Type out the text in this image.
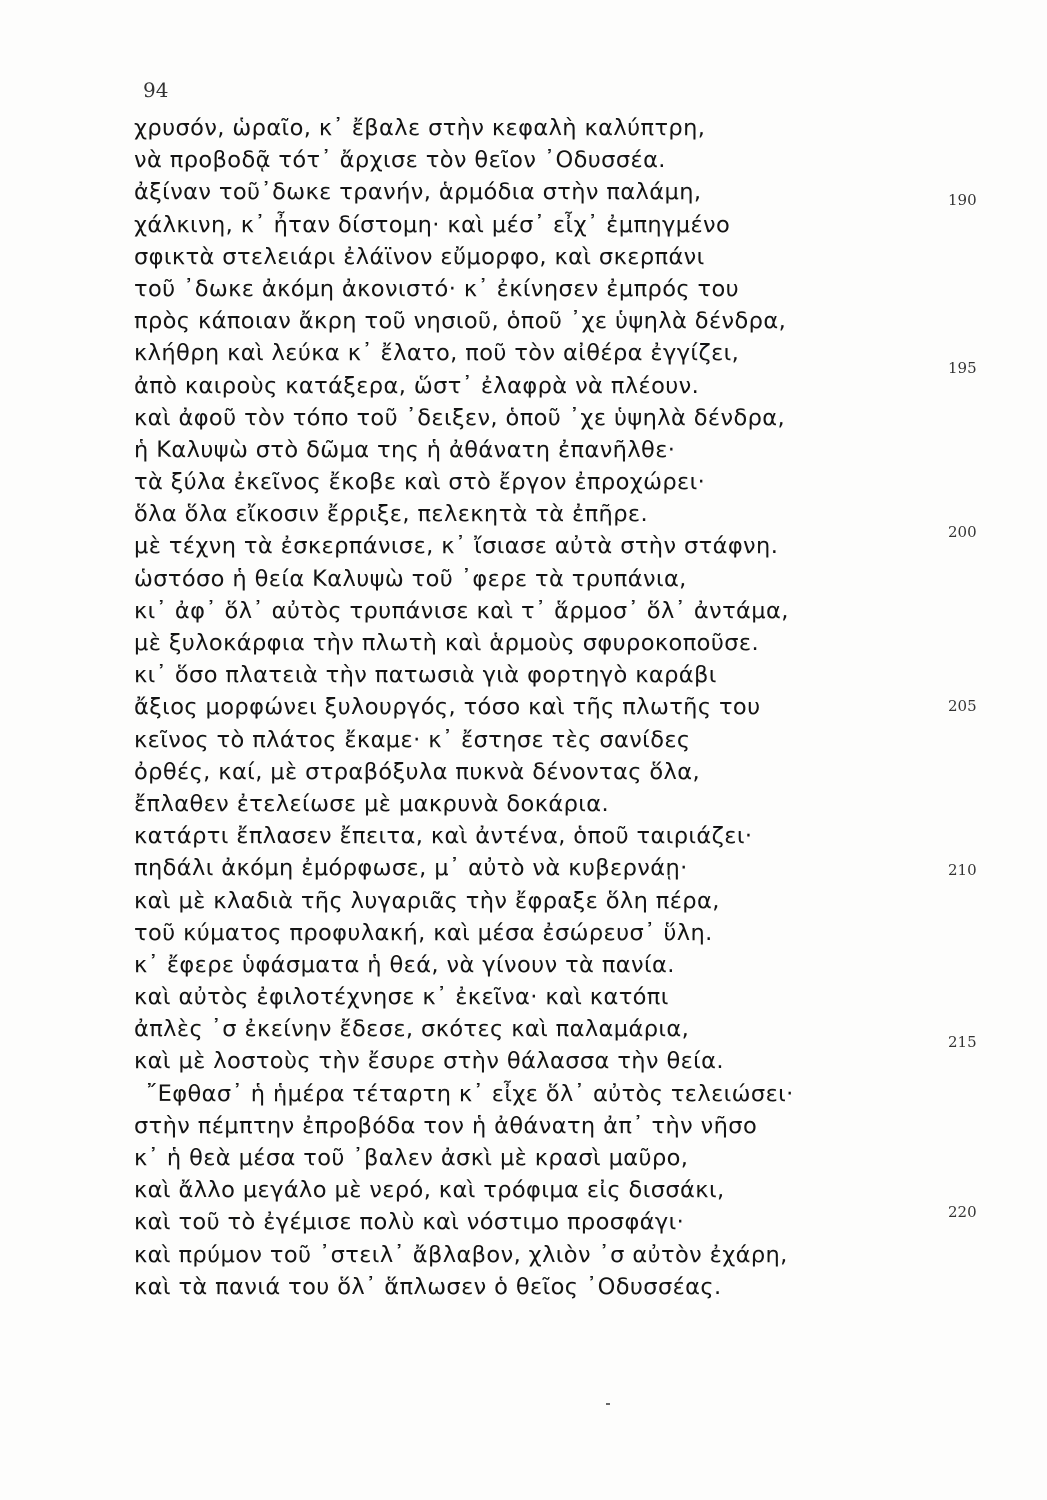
94
χρυσόν, ὡραῖο, κ᾽ ἔβαλε στὴν κεφαλὴ καλύπτρη,
νὰ προβοδᾷ τότ᾽ ἄρχισε τὸν θεῖον ᾿Οδυσσέα.
ἀξίναν τοῦ᾽δωκε τρανήν, ἁρμόδια στὴν παλάμη,
χάλκινη, κ᾽ ἦταν δίστομη· καὶ μέσ᾽ εἶχ᾽ ἐμπηγμένο
σφικτὰ στελειάρι ἐλάϊνον εὔμορφο, καὶ σκερπάνι
τοῦ ᾽δωκε ἀκόμη ἀκονιστό· κ᾽ ἐκίνησεν ἐμπρός του
πρὸς κάποιαν ἄκρη τοῦ νησιοῦ, ὁποῦ ᾽χε ὑψηλὰ δένδρα,
κλήθρη καὶ λεύκα κ᾽ ἔλατο, ποῦ τὸν αἰθέρα ἐγγίζει,
ἀπὸ καιροὺς κατάξερα, ὥστ᾽ ἐλαφρὰ νὰ πλέουν.
καὶ ἀφοῦ τὸν τόπο τοῦ ᾽δειξεν, ὁποῦ ᾽χε ὑψηλὰ δένδρα,
ἡ Καλυψὼ στὸ δῶμα της ἡ ἀθάνατη ἐπανῆλθε·
τὰ ξύλα ἐκεῖνος ἔκοβε καὶ στὸ ἔργον ἐπροχώρει·
ὅλα ὅλα εἴκοσιν ἔρριξε, πελεκητὰ τὰ ἐπῆρε.
μὲ τέχνη τὰ ἐσκερπάνισε, κ᾽ ἴσιασε αὐτὰ στὴν στάφνη.
ὡστόσο ἡ θεία Καλυψὼ τοῦ ᾽φερε τὰ τρυπάνια,
κι᾽ ἀφ᾽ ὅλ᾽ αὐτὸς τρυπάνισε καὶ τ᾽ ἅρμοσ᾽ ὅλ᾽ ἀντάμα,
μὲ ξυλοκάρφια τὴν πλωτὴ καὶ ἁρμοὺς σφυροκοποῦσε.
κι᾽ ὅσο πλατειὰ τὴν πατωσιὰ γιὰ φορτηγὸ καράβι
ἄξιος μορφώνει ξυλουργός, τόσο καὶ τῆς πλωτῆς του
κεῖνος τὸ πλάτος ἔκαμε· κ᾽ ἔστησε τὲς σανίδες
ὀρθές, καί, μὲ στραβόξυλα πυκνὰ δένοντας ὅλα,
ἔπλαθεν ἐτελείωσε μὲ μακρυνὰ δοκάρια.
κατάρτι ἔπλασεν ἔπειτα, καὶ ἀντένα, ὁποῦ ταιριάζει·
πηδάλι ἀκόμη ἐμόρφωσε, μ᾽ αὐτὸ νὰ κυβερνάῃ·
καὶ μὲ κλαδιὰ τῆς λυγαριᾶς τὴν ἔφραξε ὅλη πέρα,
τοῦ κύματος προφυλακή, καὶ μέσα ἐσώρευσ᾽ ὕλη.
κ᾽ ἔφερε ὑφάσματα ἡ θεά, νὰ γίνουν τὰ πανία.
καὶ αὐτὸς ἐφιλοτέχνησε κ᾽ ἐκεῖνα· καὶ κατόπι
ἀπλὲς ᾽σ ἐκείνην ἔδεσε, σκότες καὶ παλαμάρια,
καὶ μὲ λοστοὺς τὴν ἔσυρε στὴν θάλασσα τὴν θεία.
῎Εφθασ᾽ ἡ ἡμέρα τέταρτη κ᾽ εἶχε ὅλ᾽ αὐτὸς τελειώσει·
στὴν πέμπτην ἐπροβόδα τον ἡ ἀθάνατη ἀπ᾽ τὴν νῆσο
κ᾽ ἡ θεὰ μέσα τοῦ ᾽βαλεν ἀσκὶ μὲ κρασὶ μαῦρο,
καὶ ἄλλο μεγάλο μὲ νερό, καὶ τρόφιμα εἰς δισσάκι,
καὶ τοῦ τὸ ἐγέμισε πολὺ καὶ νόστιμο προσφάγι·
καὶ πρύμον τοῦ ᾽στειλ᾽ ἄβλαβον, χλιὸν ᾽σ αὐτὸν ἐχάρη,
καὶ τὰ πανιά του ὅλ᾽ ἅπλωσεν ὁ θεῖος ᾿Οδυσσέας.
190
195
200
205
210
215
220
